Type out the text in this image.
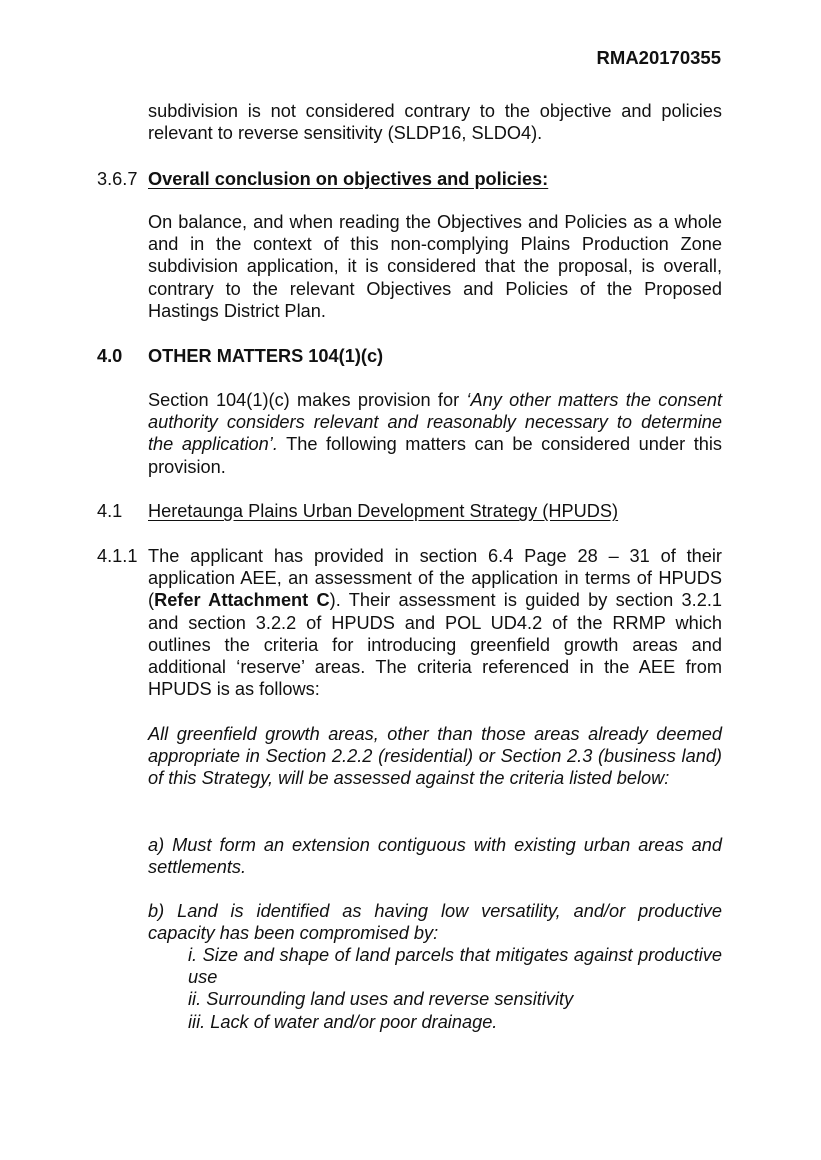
RMA20170355

subdivision is not considered contrary to the objective and policies relevant to reverse sensitivity (SLDP16, SLDO4).

3.6.7 Overall conclusion on objectives and policies:

On balance, and when reading the Objectives and Policies as a whole and in the context of this non-complying Plains Production Zone subdivision application, it is considered that the proposal, is overall, contrary to the relevant Objectives and Policies of the Proposed Hastings District Plan.

4.0 OTHER MATTERS 104(1)(c)

Section 104(1)(c) makes provision for ‘Any other matters the consent authority considers relevant and reasonably necessary to determine the application’. The following matters can be considered under this provision.

4.1 Heretaunga Plains Urban Development Strategy (HPUDS)
4.1.1 The applicant has provided in section 6.4 Page 28 – 31 of their application AEE, an assessment of the application in terms of HPUDS (Refer Attachment C). Their assessment is guided by section 3.2.1 and section 3.2.2 of HPUDS and POL UD4.2 of the RRMP which outlines the criteria for introducing greenfield growth areas and additional ‘reserve’ areas. The criteria referenced in the AEE from HPUDS is as follows:

All greenfield growth areas, other than those areas already deemed appropriate in Section 2.2.2 (residential) or Section 2.3 (business land) of this Strategy, will be assessed against the criteria listed below:

a) Must form an extension contiguous with existing urban areas and settlements.

b) Land is identified as having low versatility, and/or productive capacity has been compromised by:

i. Size and shape of land parcels that mitigates against productive use

ii. Surrounding land uses and reverse sensitivity

iii. Lack of water and/or poor drainage.
